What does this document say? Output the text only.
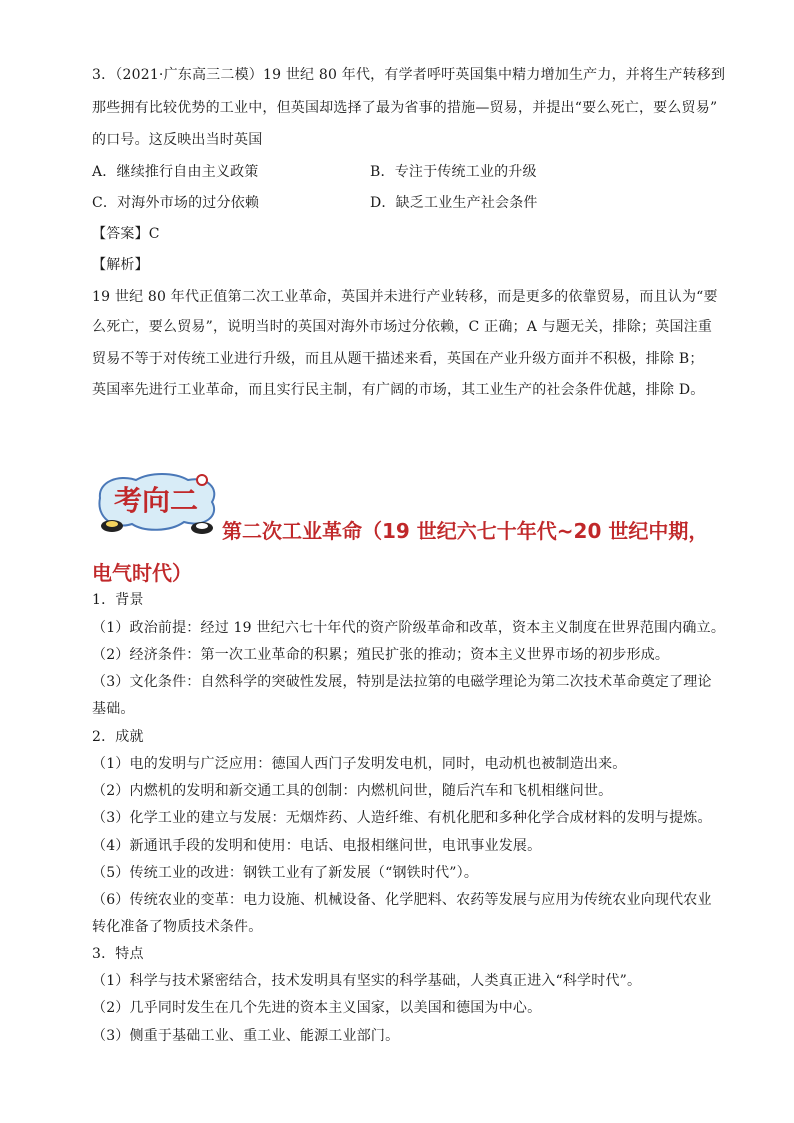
3．（2021·广东高三二模）19 世纪 80 年代，有学者呼吁英国集中精力增加生产力，并将生产转移到
那些拥有比较优势的工业中，但英国却选择了最为省事的措施—贸易，并提出“要么死亡，要么贸易”
的口号。这反映出当时英国
A．继续推行自由主义政策	B．专注于传统工业的升级
C．对海外市场的过分依赖	D．缺乏工业生产社会条件
【答案】C
【解析】
19 世纪 80 年代正值第二次工业革命，英国并未进行产业转移，而是更多的依靠贸易，而且认为“要
么死亡，要么贸易”，说明当时的英国对海外市场过分依赖，C 正确；A 与题无关，排除；英国注重
贸易不等于对传统工业进行升级，而且从题干描述来看，英国在产业升级方面并不积极，排除 B；
英国率先进行工业革命，而且实行民主制，有广阔的市场，其工业生产的社会条件优越，排除 D。
考向二
第二次工业革命（19 世纪六七十年代~20 世纪中期，
电气时代）
1．背景
（1）政治前提：经过 19 世纪六七十年代的资产阶级革命和改革，资本主义制度在世界范围内确立。
（2）经济条件：第一次工业革命的积累；殖民扩张的推动；资本主义世界市场的初步形成。
（3）文化条件：自然科学的突破性发展，特别是法拉第的电磁学理论为第二次技术革命奠定了理论
基础。
2．成就
（1）电的发明与广泛应用：德国人西门子发明发电机，同时，电动机也被制造出来。
（2）内燃机的发明和新交通工具的创制：内燃机问世，随后汽车和飞机相继问世。
（3）化学工业的建立与发展：无烟炸药、人造纤维、有机化肥和多种化学合成材料的发明与提炼。
（4）新通讯手段的发明和使用：电话、电报相继问世，电讯事业发展。
（5）传统工业的改进：钢铁工业有了新发展（“钢铁时代”）。
（6）传统农业的变革：电力设施、机械设备、化学肥料、农药等发展与应用为传统农业向现代农业
转化准备了物质技术条件。
3．特点
（1）科学与技术紧密结合，技术发明具有坚实的科学基础，人类真正进入“科学时代”。
（2）几乎同时发生在几个先进的资本主义国家，以美国和德国为中心。
（3）侧重于基础工业、重工业、能源工业部门。
